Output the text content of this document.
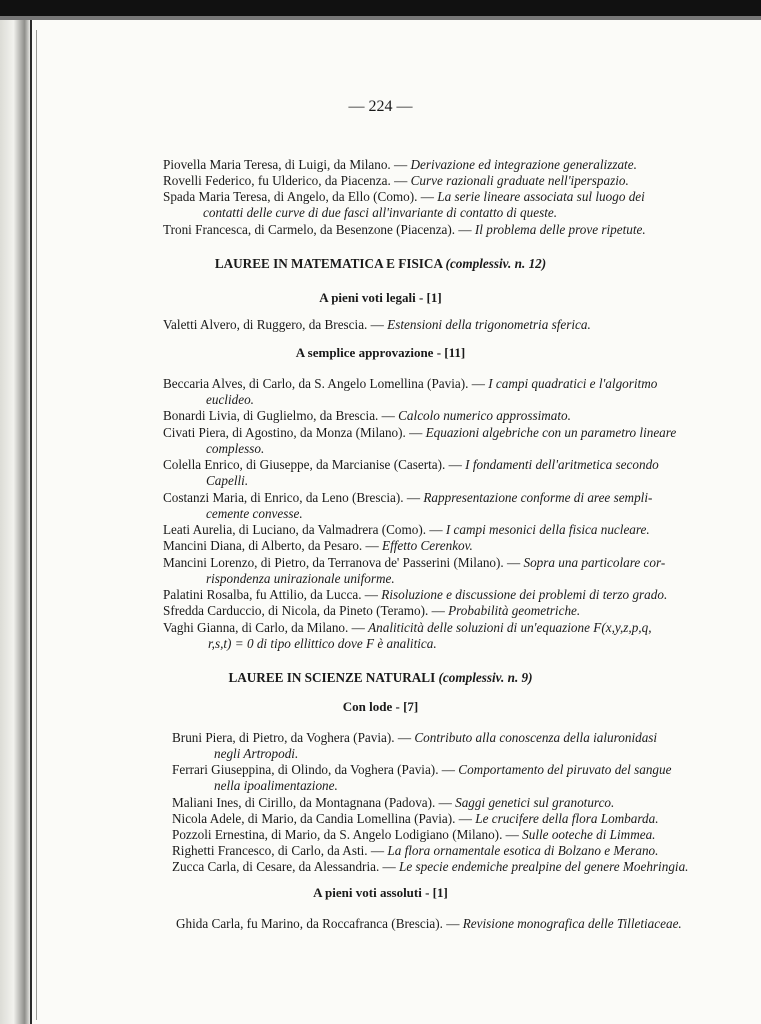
— 224 —
Piovella Maria Teresa, di Luigi, da Milano. — Derivazione ed integrazione generalizzate.
Rovelli Federico, fu Ulderico, da Piacenza. — Curve razionali graduate nell'iperspazio.
Spada Maria Teresa, di Angelo, da Ello (Como). — La serie lineare associata sul luogo dei
contatti delle curve di due fasci all'invariante di contatto di queste.
Troni Francesca, di Carmelo, da Besenzone (Piacenza). — Il problema delle prove ripetute.
LAUREE IN MATEMATICA E FISICA (complessiv. n. 12)
A pieni voti legali - [1]
Valetti Alvero, di Ruggero, da Brescia. — Estensioni della trigonometria sferica.
A semplice approvazione - [11]
Beccaria Alves, di Carlo, da S. Angelo Lomellina (Pavia). — I campi quadratici e l'algoritmo
euclideo.
Bonardi Livia, di Guglielmo, da Brescia. — Calcolo numerico approssimato.
Civati Piera, di Agostino, da Monza (Milano). — Equazioni algebriche con un parametro lineare
complesso.
Colella Enrico, di Giuseppe, da Marcianise (Caserta). — I fondamenti dell'aritmetica secondo
Capelli.
Costanzi Maria, di Enrico, da Leno (Brescia). — Rappresentazione conforme di aree sempli-
cemente convesse.
Leati Aurelia, di Luciano, da Valmadrera (Como). — I campi mesonici della fisica nucleare.
Mancini Diana, di Alberto, da Pesaro. — Effetto Cerenkov.
Mancini Lorenzo, di Pietro, da Terranova de' Passerini (Milano). — Sopra una particolare cor-
rispondenza unirazionale uniforme.
Palatini Rosalba, fu Attilio, da Lucca. — Risoluzione e discussione dei problemi di terzo grado.
Sfredda Carduccio, di Nicola, da Pineto (Teramo). — Probabilità geometriche.
Vaghi Gianna, di Carlo, da Milano. — Analiticità delle soluzioni di un'equazione F(x,y,z,p,q,
r,s,t) = 0 di tipo ellittico dove F è analitica.
LAUREE IN SCIENZE NATURALI (complessiv. n. 9)
Con lode - [7]
Bruni Piera, di Pietro, da Voghera (Pavia). — Contributo alla conoscenza della ialuronidasi
negli Artropodi.
Ferrari Giuseppina, di Olindo, da Voghera (Pavia). — Comportamento del piruvato del sangue
nella ipoalimentazione.
Maliani Ines, di Cirillo, da Montagnana (Padova). — Saggi genetici sul granoturco.
Nicola Adele, di Mario, da Candia Lomellina (Pavia). — Le crucifere della flora Lombarda.
Pozzoli Ernestina, di Mario, da S. Angelo Lodigiano (Milano). — Sulle ooteche di Limmea.
Righetti Francesco, di Carlo, da Asti. — La flora ornamentale esotica di Bolzano e Merano.
Zucca Carla, di Cesare, da Alessandria. — Le specie endemiche prealpine del genere Moehringia.
A pieni voti assoluti - [1]
Ghida Carla, fu Marino, da Roccafranca (Brescia). — Revisione monografica delle Tilletiaceae.
